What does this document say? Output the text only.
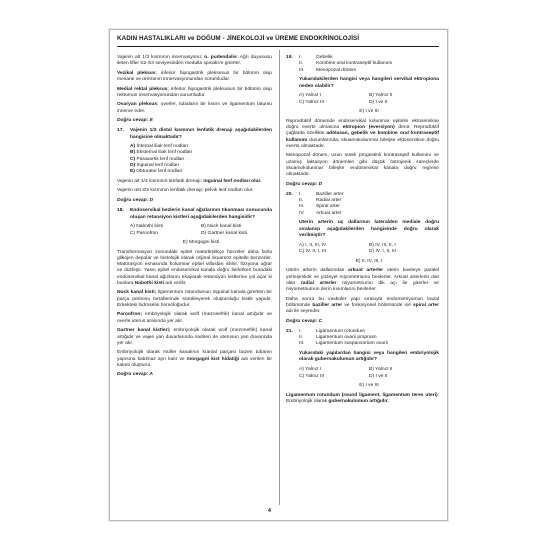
KADIN HASTALIKLARI ve DOĞUM - JİNEKOLOJİ ve ÜREME ENDOKRİNOLOJİSİ

Vajenin alt 1/3 kısmının innervasyonu; n. pudendalis: Ağrı duyusunu ileten lifler S2-S4 seviyesinden medulla spinalis'e girerler.

Vezikal pleksus; inferior hipogastrik pleksusun bir bölümü olup mesane ve üretranın innervasyonundan sorumludur.

Medial rektal pleksus; inferior hipogastrik pleksusun bir bölümü olup rektumun innervasyonundan sorumludur.

Ovaryan pleksus; overler, tubaların bir kısmı ve ligamentum latumu innerve eder.

Doğru cevap: E
17.	Vajenin 1/3 distal kısmının lenfatik drenajı aşağıdakilerden hangisine olmaktadır?
A) İnternal iliak lenf nodları
B) Eksternal iliak lenf nodları
C) Paraaortik lenf nodları
D) İnguinal lenf nodları
E) Obturator lenf nodları

Vajenin alt 1/3 kısmının lenfatik drenajı; inguinal lenf nodları olur.

Vajenin üst 2/3 kısmının lenfatik drenajı; pelvik lenf nodları olur.

Doğru cevap: D
18.	Endoservikal bezlerin kanal ağızlarının tıkanması sonucunda oluşan retansiyon kistleri aşağıdakilerden hangisidir?
A) Nabothi kisti	B) Nuck kanal kisti
C) Paroofron	D) Gartner kanal kisti
E) Morgagni kisti

Transformasyon zonundaki epitel matürleştikçe hücreler daha fazla glikojen depolar ve histolojik olarak orijinal skuamöz epitelle benzerler. Matürasyon esnasında kolumnar epitel villusları silinir, fizzyona uğrar ve düzleşir. Yassı epitel endoservikal kanala doğru ilerlerken buradaki endoservikal kanal ağızlarını tıkayarak retansiyon kistlerine yol açar ki bunlara Nabothi kisti adı verilir.

Nuck kanal kisti; ligamentum rotundumun inguinal kanala girerken bir parça peritonu beraberinde sürükleyerek oluşturduğu kistik yapıdır. Erkekteki hidroselin homoloğudur.

Paroofron; embriyolojik olarak wolf (mezonefrik) kanal artığıdır ve overle uterus arasında yer alır.

Gartner kanal kistleri; embriyolojik olarak wolf (mezonefrik) kanal artığıdır ve vajen yan duvarlarında nadiren de uterusun yan duvarında yer alır.

Embriyolojik olarak müller kanalının kranial parçası bazen tubanın yapısına katılmaz ayrı kalır ve morgagni kist hidatiği adı verilen bir kalıntı oluşturur.

Doğru cevap: A
19.	I.	Gebelik
II.	Kombine oral kontraseptif kullanımı
III.	Menopozal dönem

Yukarıdakilerden hangisi veya hangileri servikal ektropiona neden olabilir?

A) Yalnız I	B) Yalnız II
C) Yalnız III	D) I ve II
E) I ve III

Reprodüktif dönemde endoservikal kolumnar epitelin ektoservikse doğru everte olmasına ektropion (eversiyon) denir. Reprodüktif çağlarda özellikle adölasan, gebelik ve kombine oral kontraseptif kullanımı durumlarında, skuamokolumnar bileşke ektoservikse doğru everte olmaktadır.

Menopozal dönem, uzun süreli progestinli kontraseptif kullanımı ve uzamış laktasyon dönemleri gibi düşük östrojenik süreçlerde skuamokolumnar bileşke endoservikal kanala doğru regrese olmaktadır.

Doğru cevap: D
20.	I.	Baziller arter
II.	Radial arter
III.	Spiral arter
IV.	Arkuat arter

Uterin arterin uç dallarının lateralden mediale doğru sıralanışı aşağıdakilerden hangisinde doğru olarak verilmiştir?

A) I, II, III, IV	B) IV, III, II, I
C) IV, II, I, III	D) IV, I, II, III
E) II, IV, III, I

Uterin arterin dallarından arkuat arterler uterin kaviteye paralel yerleşimlidir ve yüzeyel miyometriumu beslerler. Arkuat arterlerin dalı olan radial arterler miyometriumu dik açı ile girerler ve miyometriumun derin kısımlarını beslerler.

Daha sonra bu vasküler yapı sırasıyla endometriyumun bazal bölümünde baziller arter ve fonksiyonel bölümünde ise spiral arter adı ile seyreder.

Doğru cevap: C
21.	I.	Ligamentum rotundum
II.	Ligamentum ovarii proprium
III.	Ligamentum suspansorium ovarii

Yukarıdaki yapılardan hangisi veya hangileri embriyolojik olarak gubernakulumun artığıdır?

A) Yalnız I	B) Yalnız II
C) Yalnız III	D) I ve II
E) I ve III

Ligamentum rotundum (round ligament, ligamentum teres uteri): Embriyolojik olarak gubernakulumun artığıdır.

4
